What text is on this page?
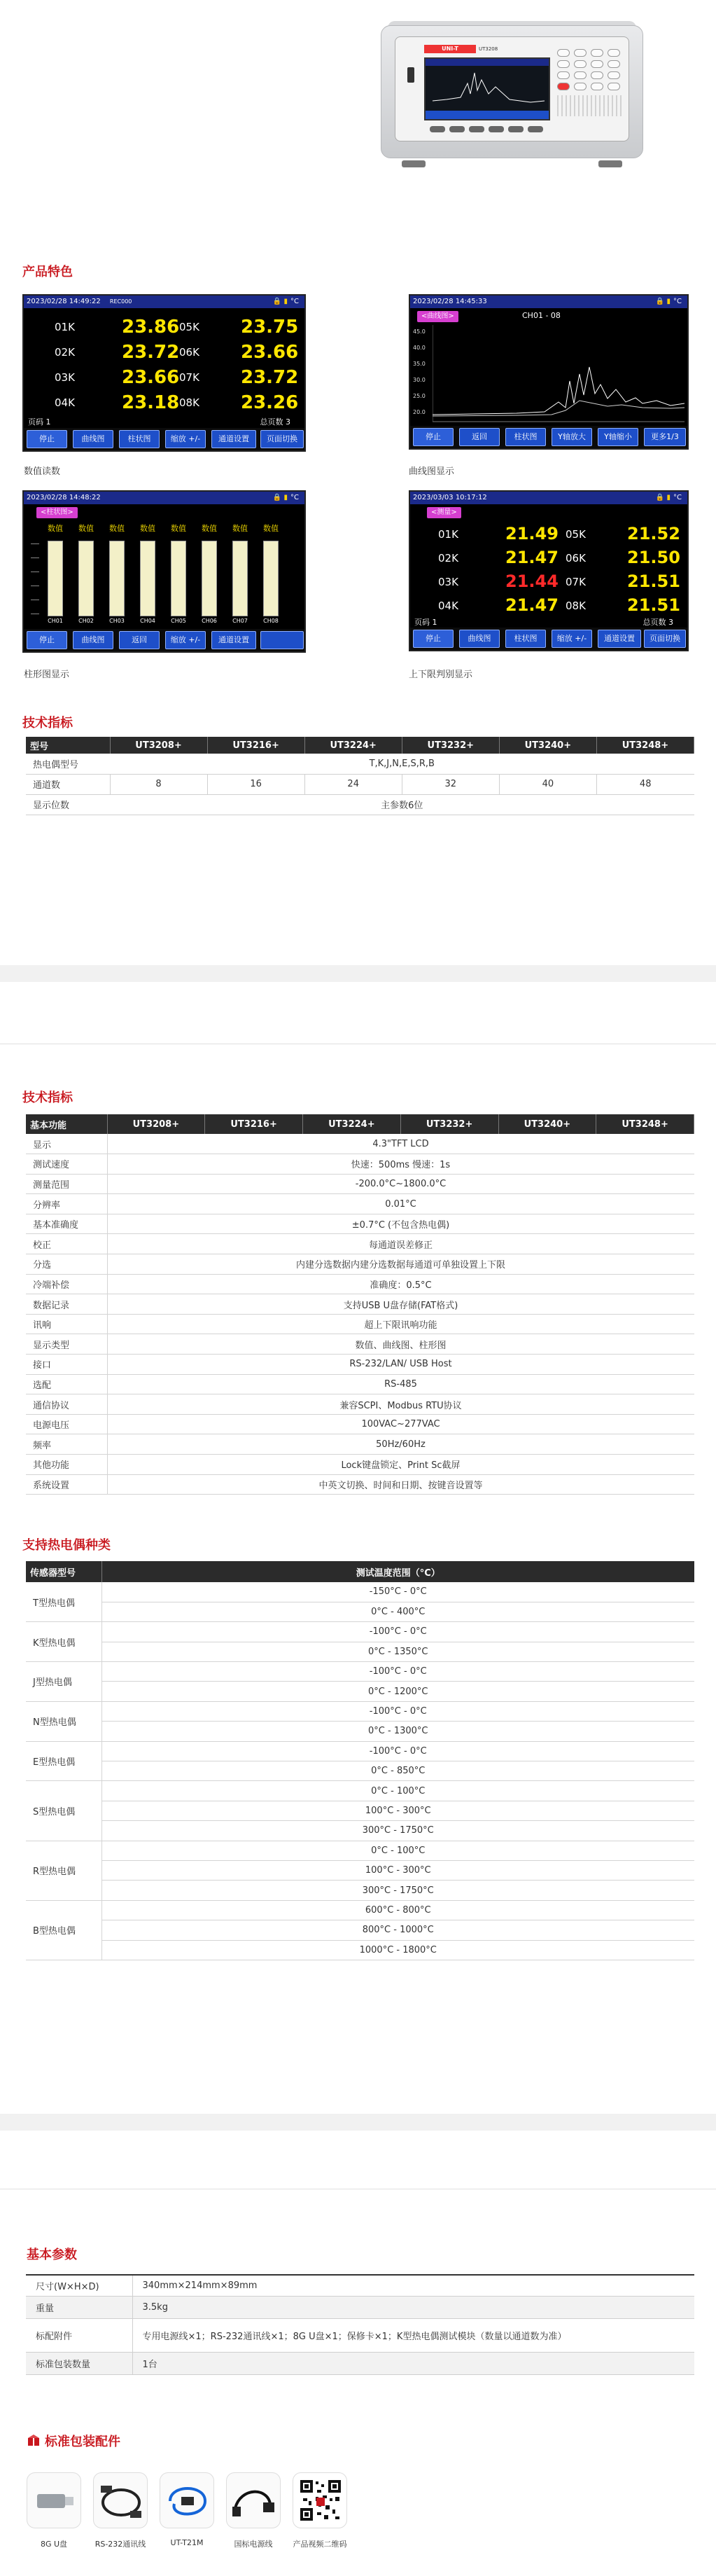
UNI-T	UT3208
产品特色
2023/02/28 14:49:22 REC000	🔒 ▮ °C
01K	23.86 05K 23.75
02K	23.72 06K 23.66
03K	23.66 07K 23.72
04K	23.18 08K 23.26
页码 1	总页数 3
停止	曲线图	柱状图	缩放 +/-	通道设置	页面切换
数值读数
2023/02/28 14:45:33	🔒 ▮ °C
<曲线图>	CH01 - 08
45.0
40.0
35.0
30.0
25.0
20.0
停止	返回	柱状图	Y轴放大	Y轴缩小	更多1/3
曲线图显示
2023/02/28 14:48:22	🔒 ▮ °C
<柱状图>
数值
CH01
数值
CH02
数值
CH03
数值
CH04
数值
CH05
数值
CH06
数值
CH07
数值
CH08
停止	曲线图	返回	缩放 +/-	通道设置
柱形图显示
2023/03/03 10:17:12	🔒 ▮ °C
<测量>
01K	21.49 05K 21.52
02K	21.47 06K 21.50
03K	21.44 07K 21.51
04K	21.47 08K 21.51
页码 1	总页数 3
停止	曲线图	柱状图	缩放 +/-	通道设置	页面切换
上下限判别显示
技术指标
型号	UT3208+	UT3216+	UT3224+	UT3232+	UT3240+	UT3248+
热电偶型号	T,K,J,N,E,S,R,B					
通道数	8	16	24	32	40	48
显示位数	主参数6位					
技术指标
基本功能	UT3208+	UT3216+	UT3224+	UT3232+	UT3240+	UT3248+
显示	4.3"TFT LCD					
测试速度	快速：500ms 慢速：1s					
测量范围	-200.0°C~1800.0°C					
分辨率	0.01°C					
基本准确度	±0.7°C (不包含热电偶)					
校正	每通道误差修正					
分选	内建分选数据内建分选数据每通道可单独设置上下限					
冷端补偿	准确度：0.5°C					
数据记录	支持USB U盘存储(FAT格式)					
讯响	超上下限讯响功能					
显示类型	数值、曲线图、柱形图					
接口	RS-232/LAN/ USB Host					
选配	RS-485					
通信协议	兼容SCPI、Modbus RTU协议					
电源电压	100VAC~277VAC					
频率	50Hz/60Hz					
其他功能	Lock键盘锁定、Print Sc截屏					
系统设置	中英文切换、时间和日期、按键音设置等					
支持热电偶种类
传感器型号	测试温度范围（°C）
T型热电偶	-150°C - 0°C
	0°C - 400°C
K型热电偶	-100°C - 0°C
	0°C - 1350°C
J型热电偶	-100°C - 0°C
	0°C - 1200°C
N型热电偶	-100°C - 0°C
	0°C - 1300°C
E型热电偶	-100°C - 0°C
	0°C - 850°C
S型热电偶	0°C - 100°C
	100°C - 300°C
	300°C - 1750°C
R型热电偶	0°C - 100°C
	100°C - 300°C
	300°C - 1750°C
B型热电偶	600°C - 800°C
	800°C - 1000°C
	1000°C - 1800°C
基本参数
尺寸(W×H×D)	340mm×214mm×89mm
重量	3.5kg
标配附件	专用电源线×1；RS-232通讯线×1；8G U盘×1；保修卡×1；K型热电偶测试模块（数量以通道数为准）
标准包装数量	1台
标准包装配件
8G U盘	RS-232通讯线	UT-T21M	国标电源线	产品视频二维码
